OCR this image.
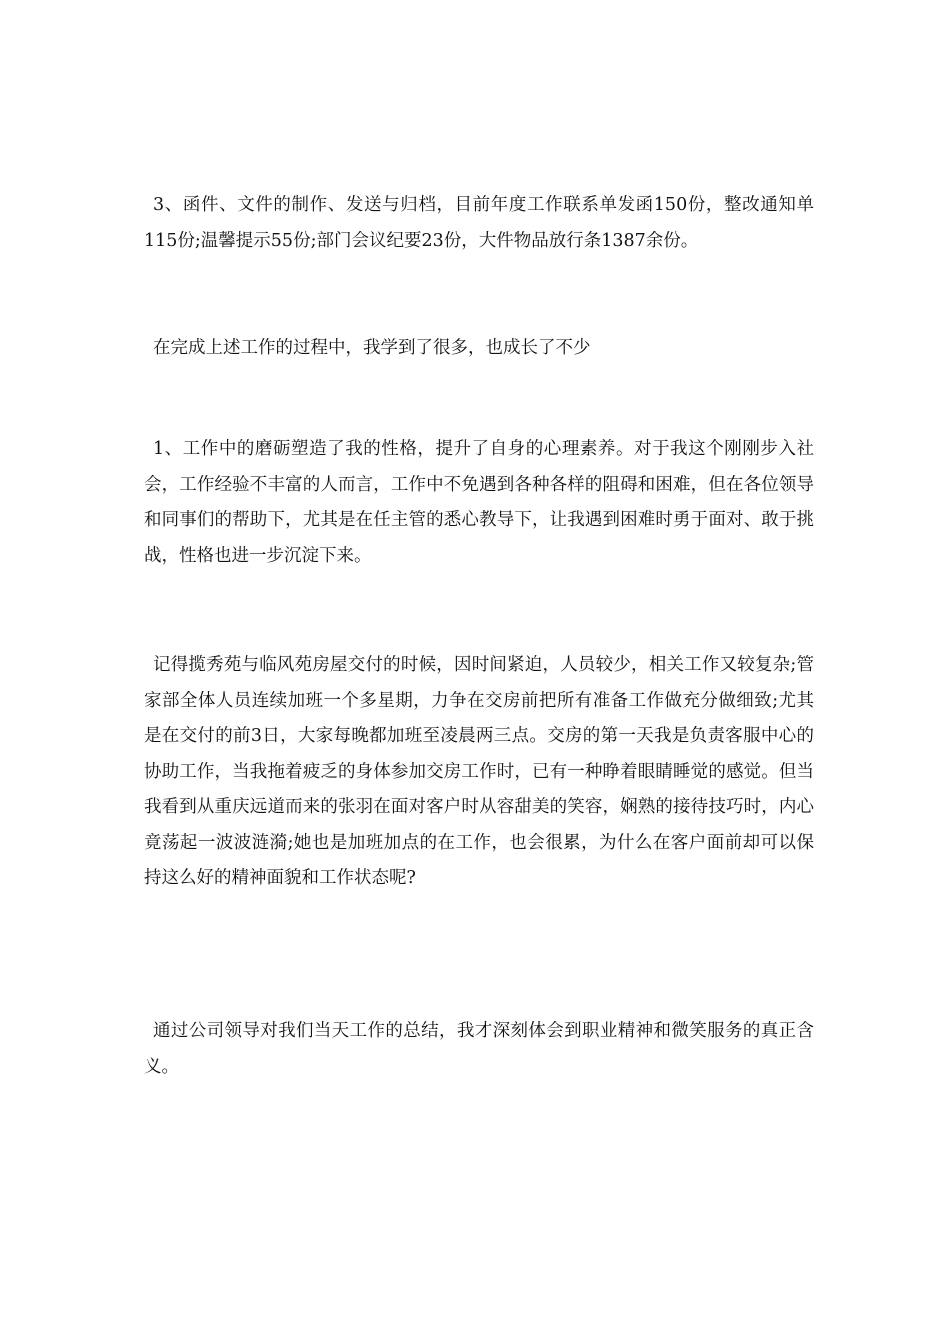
3、函件、文件的制作、发送与归档，目前年度工作联系单发函150份，整改通知单115份;温馨提示55份;部门会议纪要23份，大件物品放行条1387余份。

在完成上述工作的过程中，我学到了很多，也成长了不少

1、工作中的磨砺塑造了我的性格，提升了自身的心理素养。对于我这个刚刚步入社会，工作经验不丰富的人而言，工作中不免遇到各种各样的阻碍和困难，但在各位领导和同事们的帮助下，尤其是在任主管的悉心教导下，让我遇到困难时勇于面对、敢于挑战，性格也进一步沉淀下来。

记得揽秀苑与临风苑房屋交付的时候，因时间紧迫，人员较少，相关工作又较复杂;管家部全体人员连续加班一个多星期，力争在交房前把所有准备工作做充分做细致;尤其是在交付的前3日，大家每晚都加班至凌晨两三点。交房的第一天我是负责客服中心的协助工作，当我拖着疲乏的身体参加交房工作时，已有一种睁着眼睛睡觉的感觉。但当我看到从重庆远道而来的张羽在面对客户时从容甜美的笑容，娴熟的接待技巧时，内心竟荡起一波波涟漪;她也是加班加点的在工作，也会很累，为什么在客户面前却可以保持这么好的精神面貌和工作状态呢?

通过公司领导对我们当天工作的总结，我才深刻体会到职业精神和微笑服务的真正含义。
